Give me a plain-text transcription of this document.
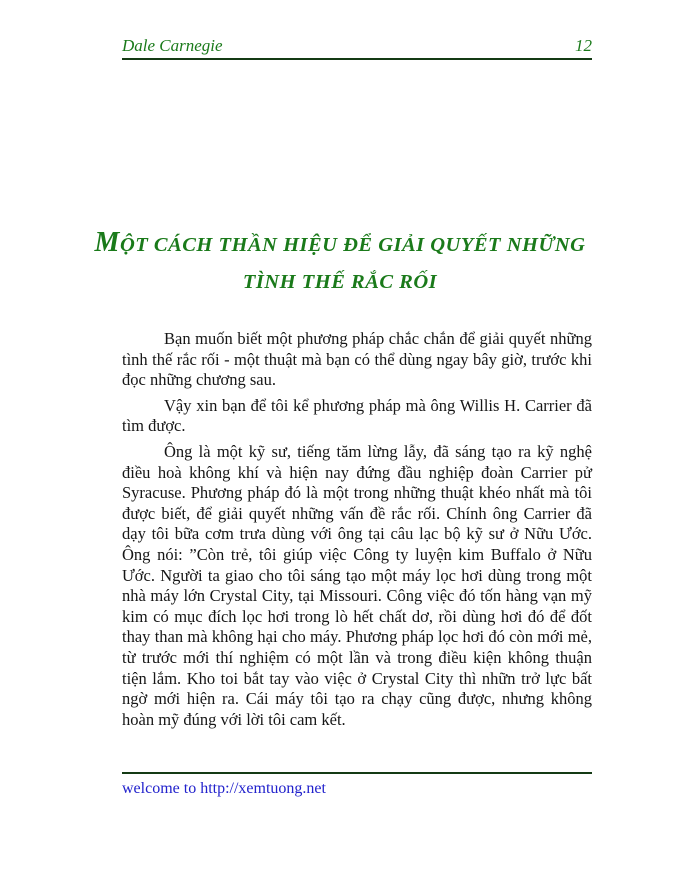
Dale Carnegie	12
MỘT CÁCH THẦN HIỆU ĐỂ GIẢI QUYẾT NHỮNG
TÌNH THẾ RẮC RỐI

Bạn muốn biết một phương pháp chắc chắn để giải quyết những tình thế rắc rối - một thuật mà bạn có thể dùng ngay bây giờ, trước khi đọc những chương sau.

Vậy xin bạn để tôi kể phương pháp mà ông Willis H. Carrier đã tìm được.

Ông là một kỹ sư, tiếng tăm lừng lẫy, đã sáng tạo ra kỹ nghệ điều hoà không khí và hiện nay đứng đầu nghiệp đoàn Carrier pử Syracuse. Phương pháp đó là một trong những thuật khéo nhất mà tôi được biết, để giải quyết những vấn đề rắc rối. Chính ông Carrier đã dạy tôi bữa cơm trưa dùng với ông tại câu lạc bộ kỹ sư ở Nữu Ước. Ông nói: ”Còn trẻ, tôi giúp việc Công ty luyện kim Buffalo ở Nữu Ước. Người ta giao cho tôi sáng tạo một máy lọc hơi dùng trong một nhà máy lớn Crystal City, tại Missouri. Công việc đó tốn hàng vạn mỹ kim có mục đích lọc hơi trong lò hết chất dơ, rồi dùng hơi đó để đốt thay than mà không hại cho máy. Phương pháp lọc hơi đó còn mới mẻ, từ trước mới thí nghiệm có một lần và trong điều kiện không thuận tiện lắm. Kho toi bắt tay vào việc ở Crystal City thì nhữn trở lực bất ngờ mới hiện ra. Cái máy tôi tạo ra chạy cũng được, nhưng không hoàn mỹ đúng với lời tôi cam kết.

welcome to http://xemtuong.net
